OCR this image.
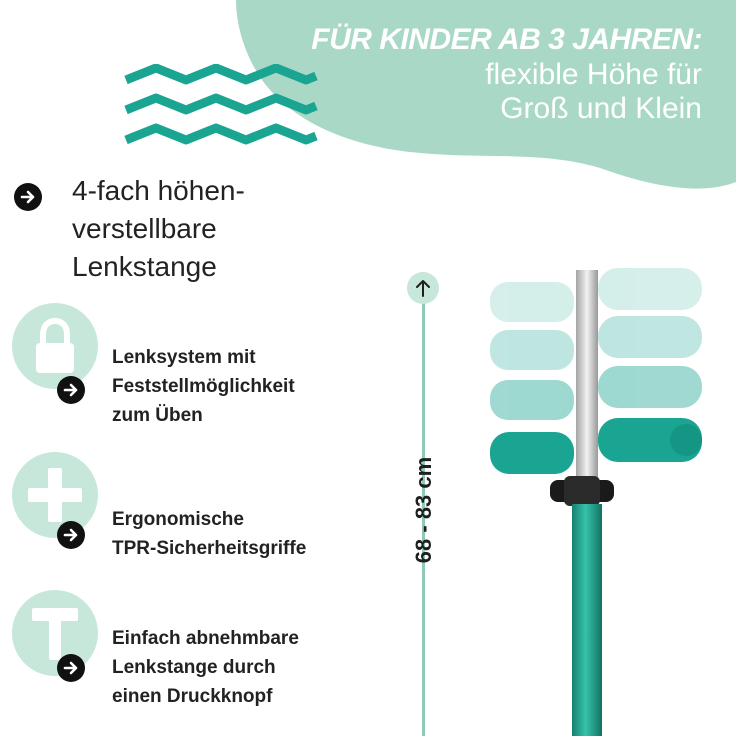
FÜR KINDER AB 3 JAHREN:
flexible Höhe für
Groß und Klein
4-fach höhen-
verstellbare
Lenkstange
Lenksystem mit
Feststellmöglichkeit
zum Üben
Ergonomische
TPR-Sicherheitsgriffe
Einfach abnehmbare
Lenkstange durch
einen Druckknopf
68 - 83 cm
